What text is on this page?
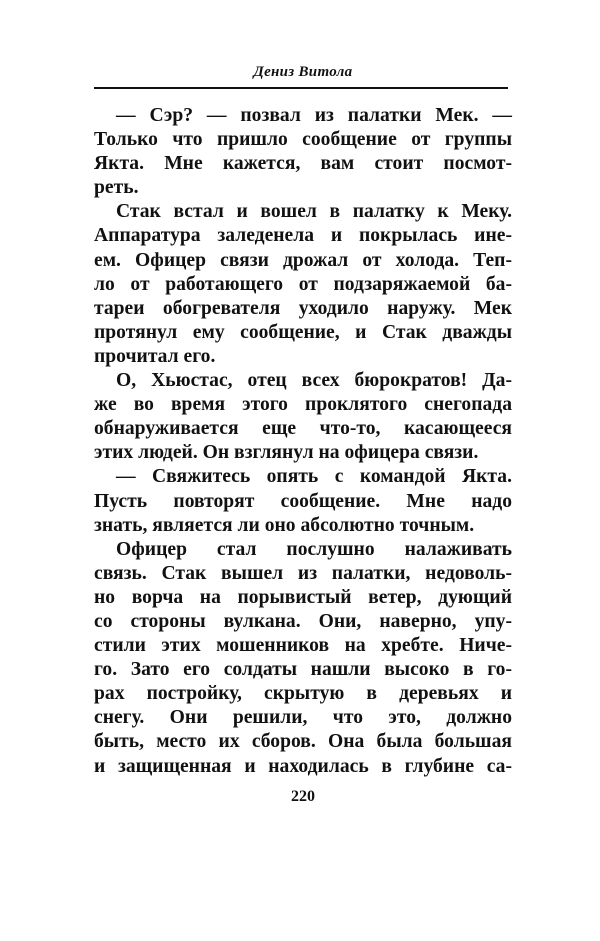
Дениз Витола
— Сэр? — позвал из палатки Мек. —
Только что пришло сообщение от группы
Якта. Мне кажется, вам стоит посмот-
реть.
Стак встал и вошел в палатку к Меку.
Аппаратура заледенела и покрылась ине-
ем. Офицер связи дрожал от холода. Теп-
ло от работающего от подзаряжаемой ба-
тареи обогревателя уходило наружу. Мек
протянул ему сообщение, и Стак дважды
прочитал его.
О, Хьюстас, отец всех бюрократов! Да-
же во время этого проклятого снегопада
обнаруживается еще что-то, касающееся
этих людей. Он взглянул на офицера связи.
— Свяжитесь опять с командой Якта.
Пусть повторят сообщение. Мне надо
знать, является ли оно абсолютно точным.
Офицер стал послушно налаживать
связь. Стак вышел из палатки, недоволь-
но ворча на порывистый ветер, дующий
со стороны вулкана. Они, наверно, упу-
стили этих мошенников на хребте. Ниче-
го. Зато его солдаты нашли высоко в го-
рах постройку, скрытую в деревьях и
снегу. Они решили, что это, должно
быть, место их сборов. Она была большая
и защищенная и находилась в глубине са-
220
